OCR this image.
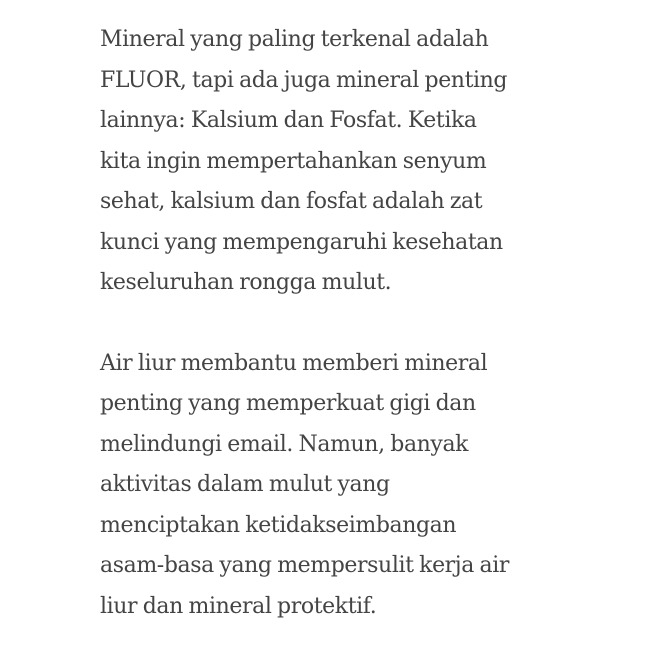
Mineral yang paling terkenal adalah
FLUOR, tapi ada juga mineral penting
lainnya: Kalsium dan Fosfat. Ketika
kita ingin mempertahankan senyum
sehat, kalsium dan fosfat adalah zat
kunci yang mempengaruhi kesehatan
keseluruhan rongga mulut.

Air liur membantu memberi mineral
penting yang memperkuat gigi dan
melindungi email. Namun, banyak
aktivitas dalam mulut yang
menciptakan ketidakseimbangan
asam-basa yang mempersulit kerja air
liur dan mineral protektif.
